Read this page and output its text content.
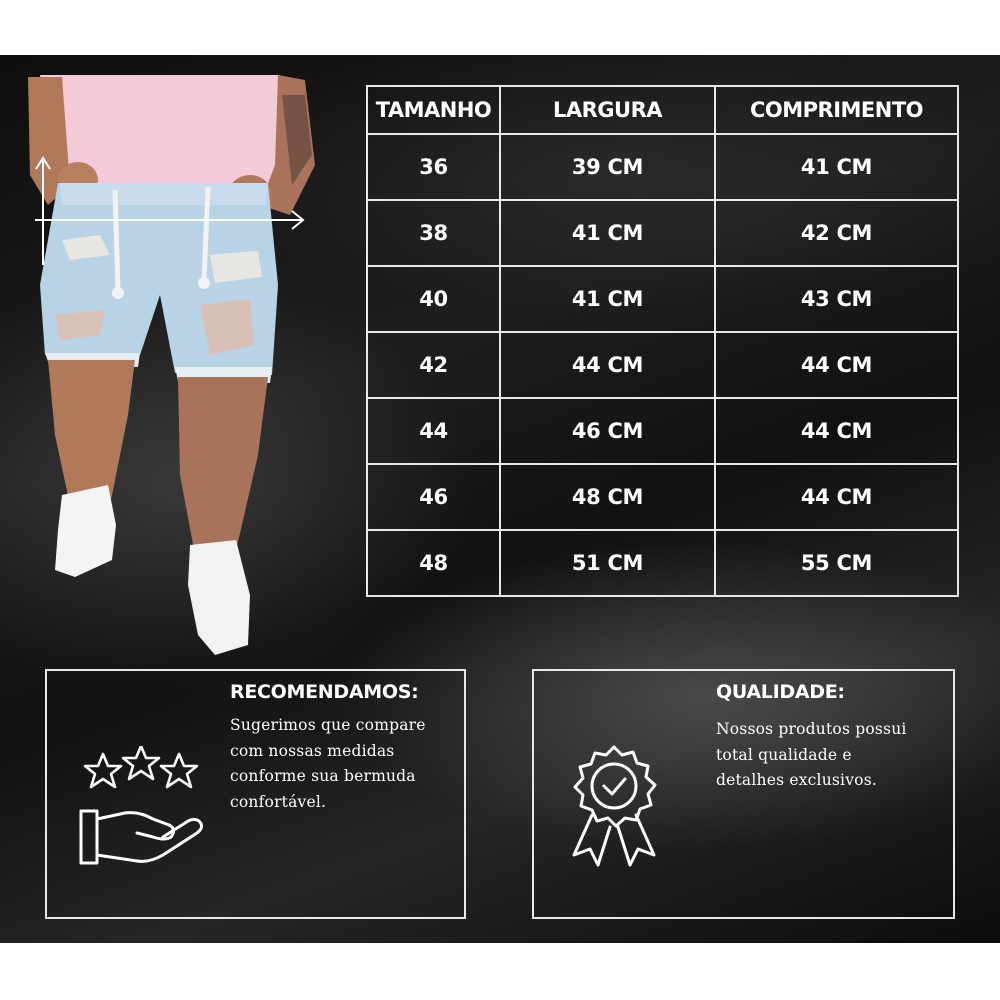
TAMANHO	LARGURA	COMPRIMENTO
36	39 CM	41 CM
38	41 CM	42 CM
40	41 CM	43 CM
42	44 CM	44 CM
44	46 CM	44 CM
46	48 CM	44 CM
48	51 CM	55 CM
RECOMENDAMOS:
Sugerimos que compare
com nossas medidas
conforme sua bermuda
confortável.
QUALIDADE:
Nossos produtos possui
total qualidade e
detalhes exclusivos.
